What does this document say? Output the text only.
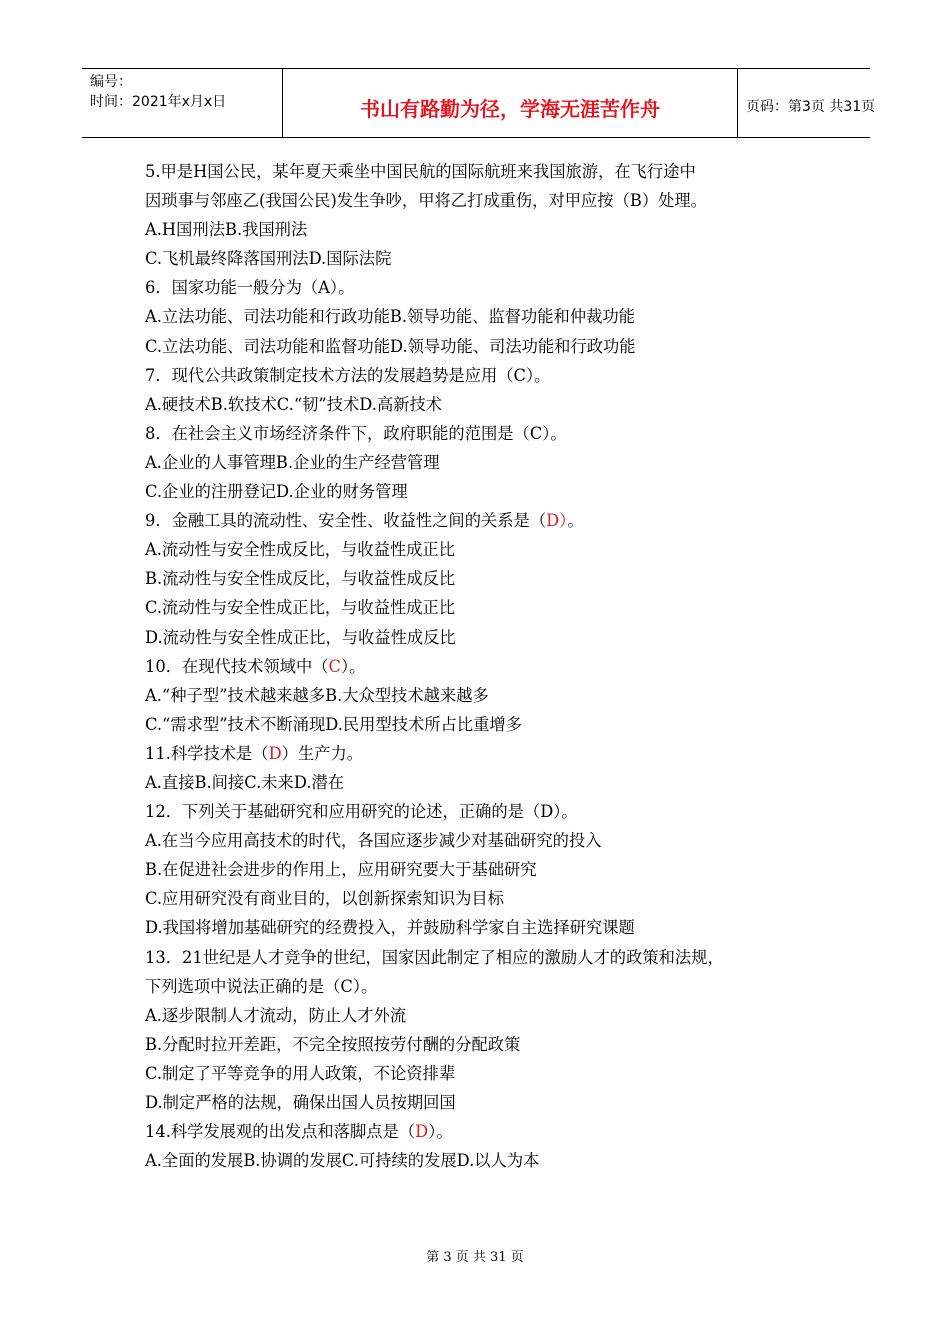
编号：
时间：2021年x月x日	书山有路勤为径，学海无涯苦作舟	页码：第3页 共31页
5.甲是H国公民，某年夏天乘坐中国民航的国际航班来我国旅游，在飞行途中
因琐事与邻座乙(我国公民)发生争吵，甲将乙打成重伤，对甲应按（B）处理。
A.H国刑法B.我国刑法
C.飞机最终降落国刑法D.国际法院
6．国家功能一般分为（A）。
A.立法功能、司法功能和行政功能B.领导功能、监督功能和仲裁功能
C.立法功能、司法功能和监督功能D.领导功能、司法功能和行政功能
7．现代公共政策制定技术方法的发展趋势是应用（C）。
A.硬技术B.软技术C.“韧”技术D.高新技术
8．在社会主义市场经济条件下，政府职能的范围是（C）。
A.企业的人事管理B.企业的生产经营管理
C.企业的注册登记D.企业的财务管理
9．金融工具的流动性、安全性、收益性之间的关系是（D）。
A.流动性与安全性成反比，与收益性成正比
B.流动性与安全性成反比，与收益性成反比
C.流动性与安全性成正比，与收益性成正比
D.流动性与安全性成正比，与收益性成反比
10．在现代技术领域中（C）。
A.“种子型”技术越来越多B.大众型技术越来越多
C.“需求型”技术不断涌现D.民用型技术所占比重增多
11.科学技术是（D）生产力。
A.直接B.间接C.未来D.潜在
12．下列关于基础研究和应用研究的论述，正确的是（D）。
A.在当今应用高技术的时代，各国应逐步减少对基础研究的投入
B.在促进社会进步的作用上，应用研究要大于基础研究
C.应用研究没有商业目的，以创新探索知识为目标
D.我国将增加基础研究的经费投入，并鼓励科学家自主选择研究课题
13．21世纪是人才竞争的世纪，国家因此制定了相应的激励人才的政策和法规，
下列选项中说法正确的是（C）。
A.逐步限制人才流动，防止人才外流
B.分配时拉开差距，不完全按照按劳付酬的分配政策
C.制定了平等竞争的用人政策，不论资排辈
D.制定严格的法规，确保出国人员按期回国
14.科学发展观的出发点和落脚点是（D）。
A.全面的发展B.协调的发展C.可持续的发展D.以人为本
第 3 页 共 31 页
